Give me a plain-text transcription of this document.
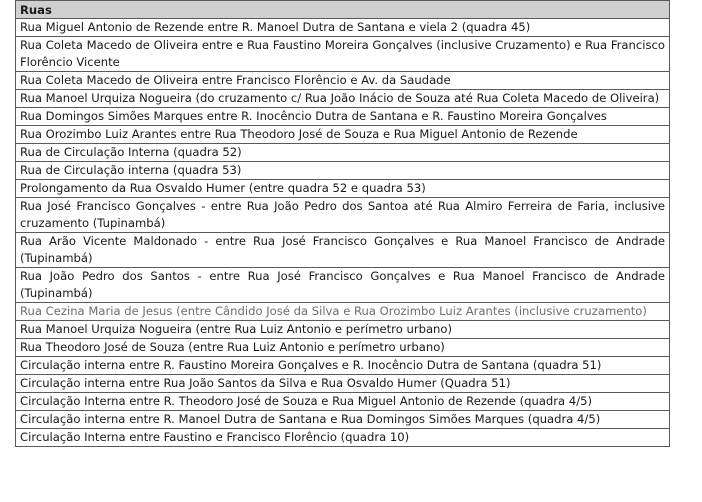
Ruas
Rua Miguel Antonio de Rezende entre R. Manoel Dutra de Santana e viela 2 (quadra 45)
Rua Coleta Macedo de Oliveira entre e Rua Faustino Moreira Gonçalves (inclusive Cruzamento) e Rua Francisco Florêncio Vicente
Rua Coleta Macedo de Oliveira entre Francisco Florêncio e Av. da Saudade
Rua Manoel Urquiza Nogueira (do cruzamento c/ Rua João Inácio de Souza até Rua Coleta Macedo de Oliveira)
Rua Domingos Simões Marques entre R. Inocêncio Dutra de Santana e R. Faustino Moreira Gonçalves
Rua Orozimbo Luiz Arantes entre Rua Theodoro José de Souza e Rua Miguel Antonio de Rezende
Rua de Circulação Interna (quadra 52)
Rua de Circulação interna (quadra 53)
Prolongamento da Rua Osvaldo Humer (entre quadra 52 e quadra 53)
Rua José Francisco Gonçalves - entre Rua João Pedro dos Santoa até Rua Almiro Ferreira de Faria, inclusive cruzamento (Tupinambá)
Rua Arão Vicente Maldonado - entre Rua José Francisco Gonçalves e Rua Manoel Francisco de Andrade (Tupinambá)
Rua João Pedro dos Santos - entre Rua José Francisco Gonçalves e Rua Manoel Francisco de Andrade (Tupinambá)
Rua Cezina Maria de Jesus (entre Cândido José da Silva e Rua Orozimbo Luiz Arantes (inclusive cruzamento)
Rua Manoel Urquiza Nogueira (entre Rua Luiz Antonio e perímetro urbano)
Rua Theodoro José de Souza (entre Rua Luiz Antonio e perímetro urbano)
Circulação interna entre R. Faustino Moreira Gonçalves e R. Inocêncio Dutra de Santana (quadra 51)
Circulação interna entre Rua João Santos da Silva e Rua Osvaldo Humer (Quadra 51)
Circulação Interna entre R. Theodoro José de Souza e Rua Miguel Antonio de Rezende (quadra 4/5)
Circulação interna entre R. Manoel Dutra de Santana e Rua Domingos Simões Marques (quadra 4/5)
Circulação Interna entre Faustino e Francisco Florêncio (quadra 10)
